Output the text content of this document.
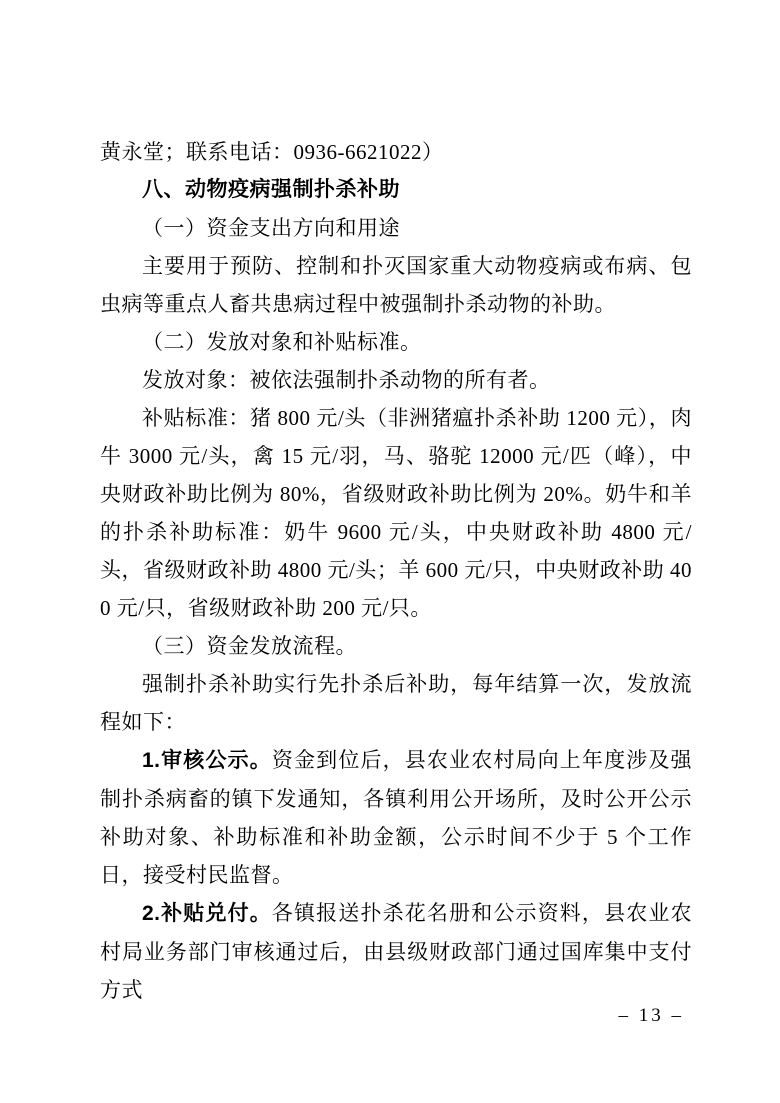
黄永堂；联系电话：0936-6621022）

八、动物疫病强制扑杀补助

（一）资金支出方向和用途

主要用于预防、控制和扑灭国家重大动物疫病或布病、包虫病等重点人畜共患病过程中被强制扑杀动物的补助。

（二）发放对象和补贴标准。

发放对象：被依法强制扑杀动物的所有者。

补贴标准：猪 800 元/头（非洲猪瘟扑杀补助 1200 元），肉牛 3000 元/头，禽 15 元/羽，马、骆驼 12000 元/匹（峰），中央财政补助比例为 80%，省级财政补助比例为 20%。奶牛和羊的扑杀补助标准：奶牛 9600 元/头，中央财政补助 4800 元/头，省级财政补助 4800 元/头；羊 600 元/只，中央财政补助 400 元/只，省级财政补助 200 元/只。

（三）资金发放流程。

强制扑杀补助实行先扑杀后补助，每年结算一次，发放流程如下：

1.审核公示。资金到位后，县农业农村局向上年度涉及强制扑杀病畜的镇下发通知，各镇利用公开场所，及时公开公示补助对象、补助标准和补助金额，公示时间不少于 5 个工作日，接受村民监督。

2.补贴兑付。各镇报送扑杀花名册和公示资料，县农业农村局业务部门审核通过后，由县级财政部门通过国库集中支付方式

– 13 –
